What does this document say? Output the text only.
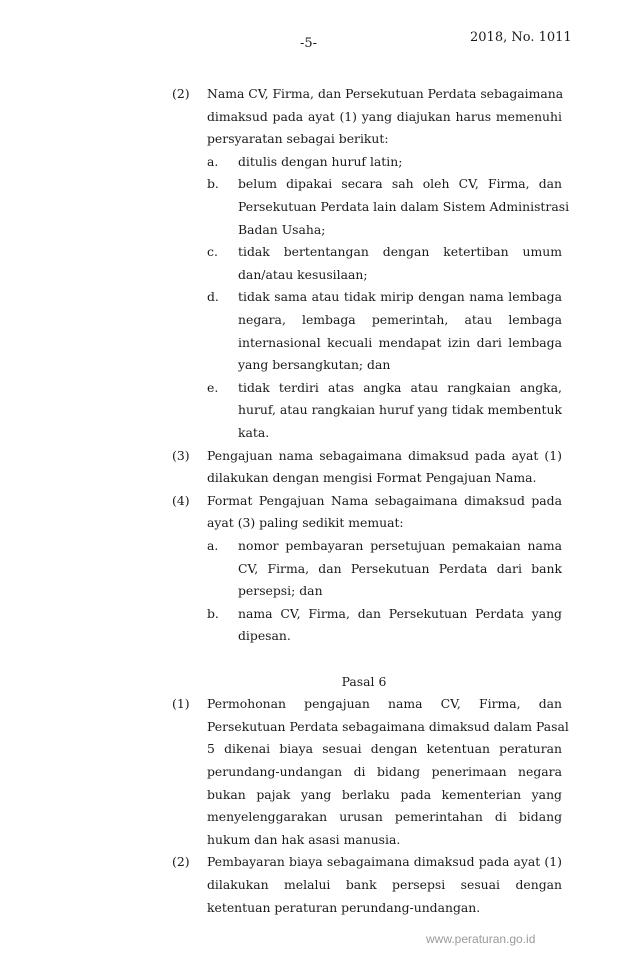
-5-	2018, No. 1011
(2) Nama CV, Firma, dan Persekutuan Perdata sebagaimana
dimaksud pada ayat (1) yang diajukan harus memenuhi
persyaratan sebagai berikut:
a. ditulis dengan huruf latin;
b. belum dipakai secara sah oleh CV, Firma, dan
Persekutuan Perdata lain dalam Sistem Administrasi
Badan Usaha;
c. tidak bertentangan dengan ketertiban umum
dan/atau kesusilaan;
d. tidak sama atau tidak mirip dengan nama lembaga
negara, lembaga pemerintah, atau lembaga
internasional kecuali mendapat izin dari lembaga
yang bersangkutan; dan
e. tidak terdiri atas angka atau rangkaian angka,
huruf, atau rangkaian huruf yang tidak membentuk
kata.
(3) Pengajuan nama sebagaimana dimaksud pada ayat (1)
dilakukan dengan mengisi Format Pengajuan Nama.
(4) Format Pengajuan Nama sebagaimana dimaksud pada
ayat (3) paling sedikit memuat:
a. nomor pembayaran persetujuan pemakaian nama
CV, Firma, dan Persekutuan Perdata dari bank
persepsi; dan
b. nama CV, Firma, dan Persekutuan Perdata yang
dipesan.
Pasal 6
(1) Permohonan pengajuan nama CV, Firma, dan
Persekutuan Perdata sebagaimana dimaksud dalam Pasal
5 dikenai biaya sesuai dengan ketentuan peraturan
perundang-undangan di bidang penerimaan negara
bukan pajak yang berlaku pada kementerian yang
menyelenggarakan urusan pemerintahan di bidang
hukum dan hak asasi manusia.
(2) Pembayaran biaya sebagaimana dimaksud pada ayat (1)
dilakukan melalui bank persepsi sesuai dengan
ketentuan peraturan perundang-undangan.
www.peraturan.go.id
